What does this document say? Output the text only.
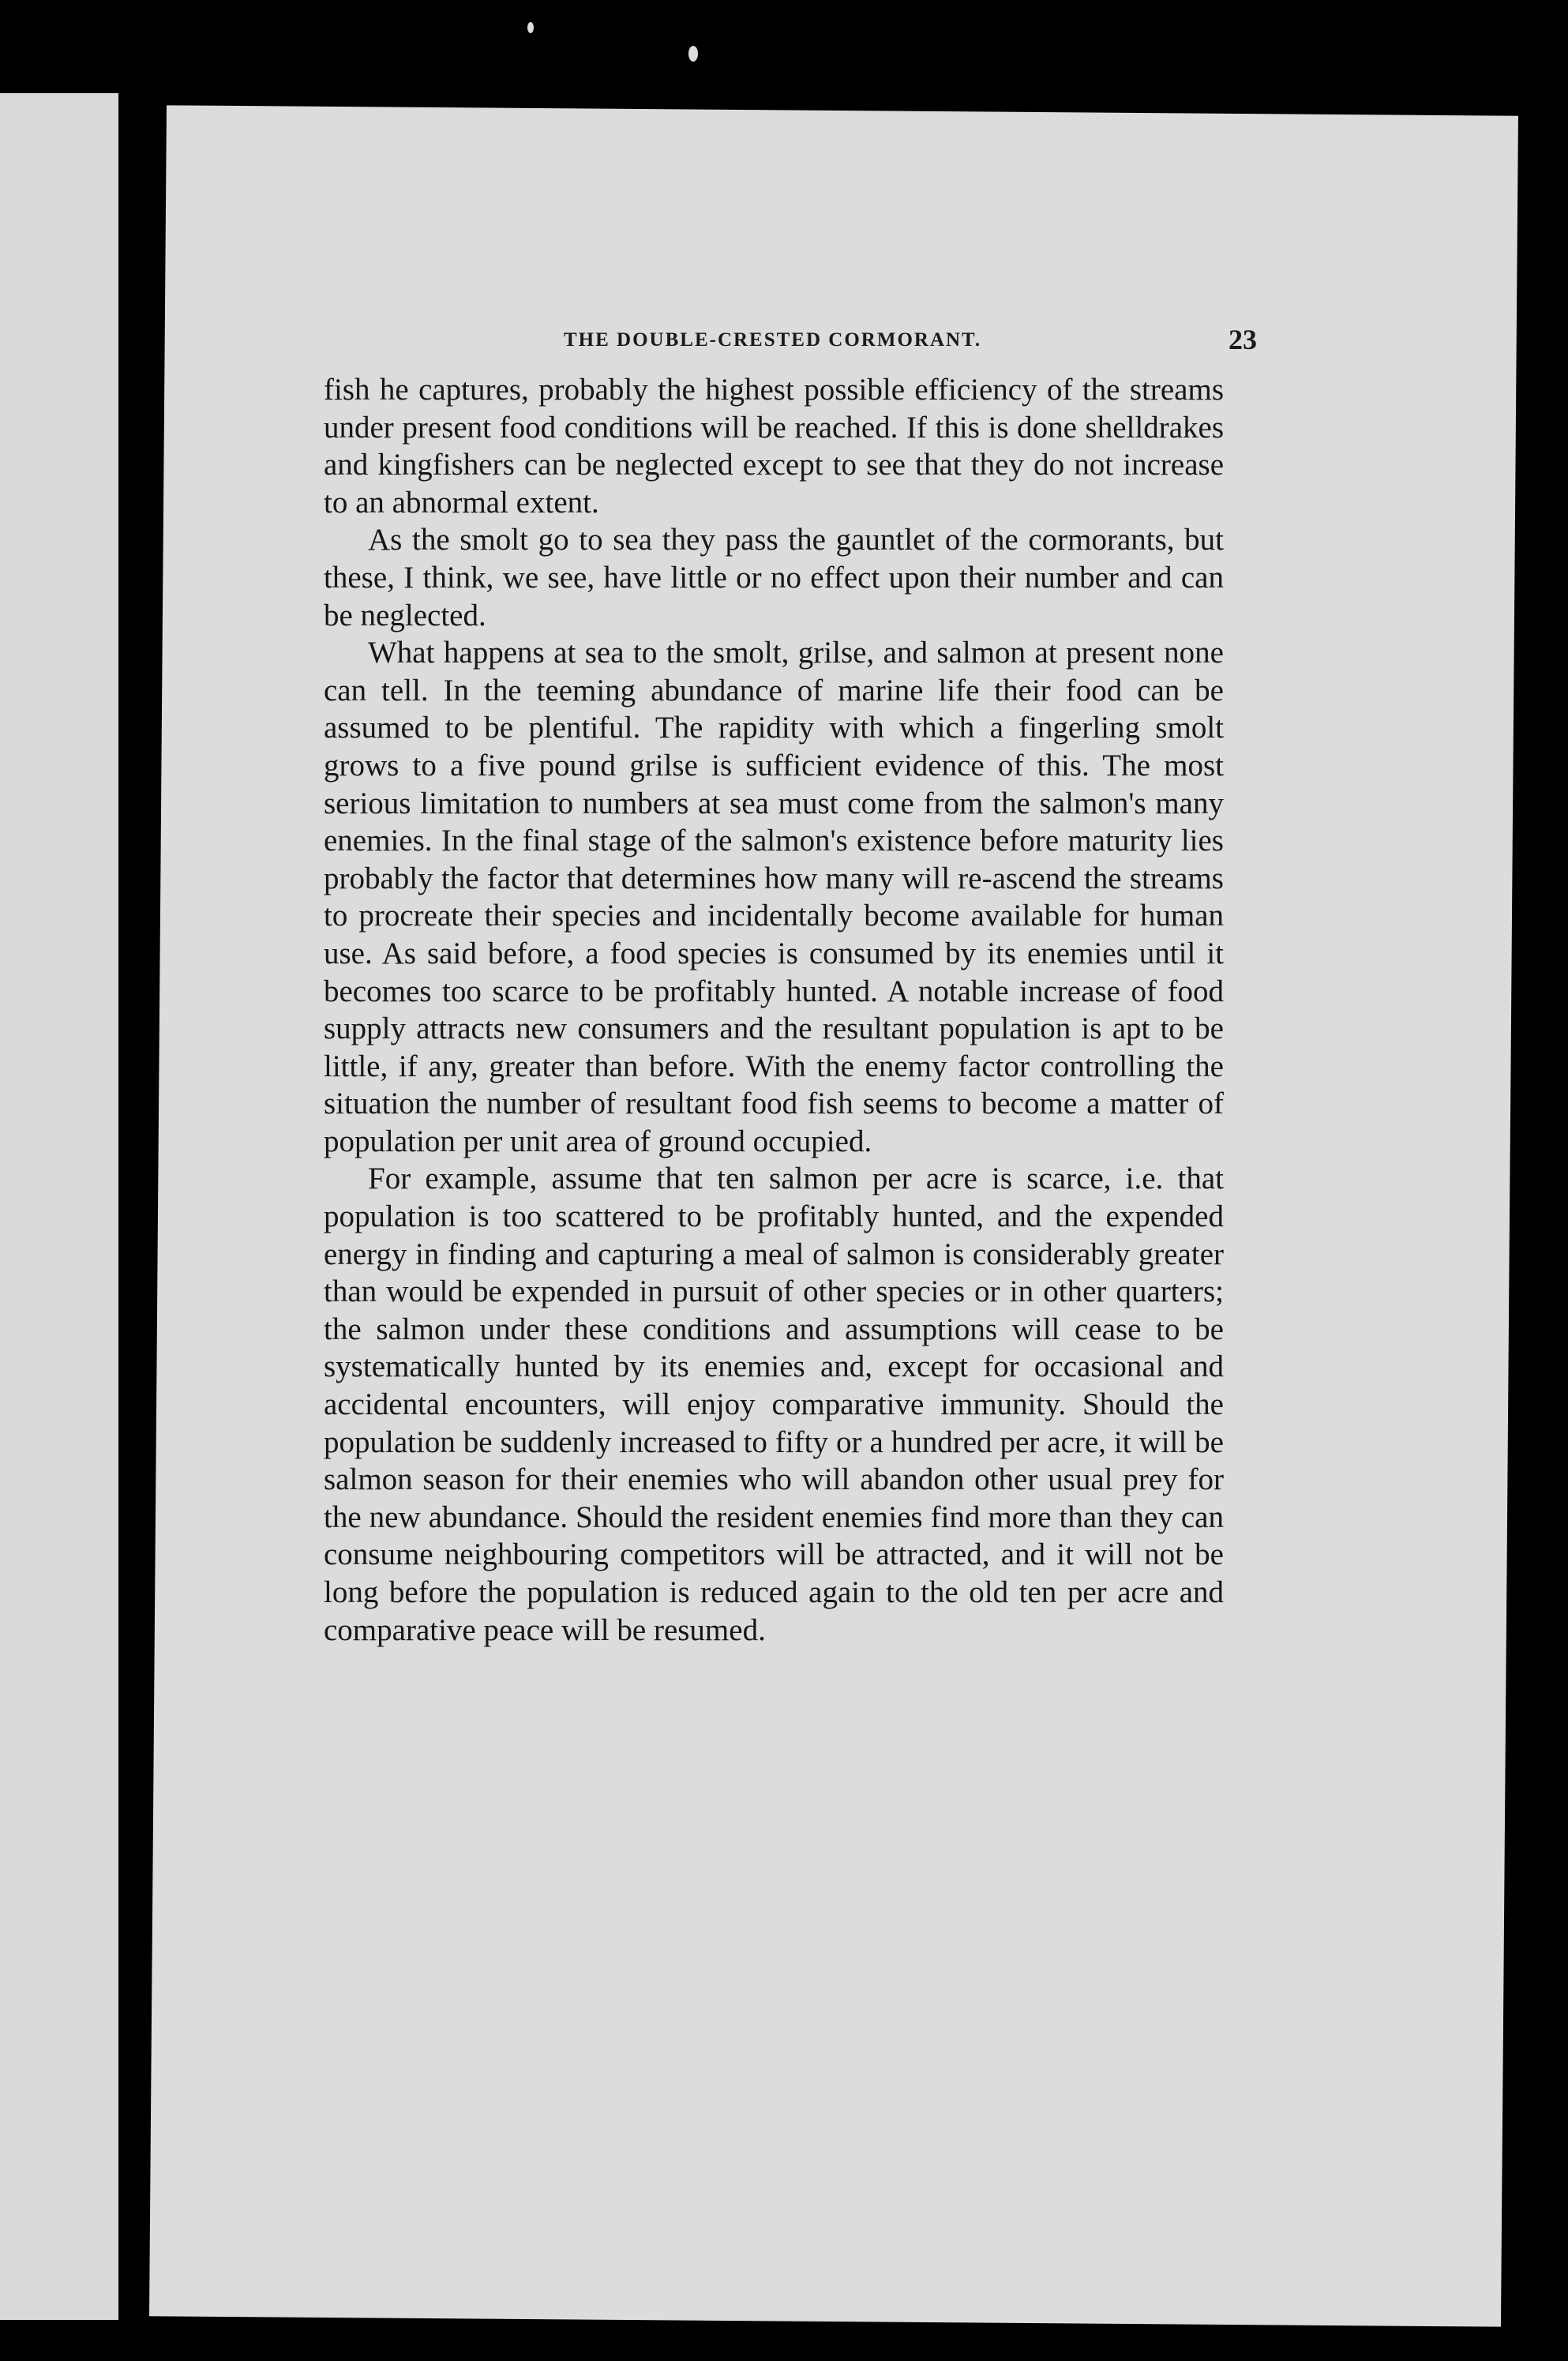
THE DOUBLE-CRESTED CORMORANT.	23

fish he captures, probably the highest possible efficiency of the streams under present food conditions will be reached. If this is done shelldrakes and kingfishers can be neglected except to see that they do not increase to an abnormal extent.

As the smolt go to sea they pass the gauntlet of the cormorants, but these, I think, we see, have little or no effect upon their number and can be neglected.

What happens at sea to the smolt, grilse, and salmon at present none can tell. In the teeming abundance of marine life their food can be assumed to be plentiful. The rapidity with which a fingerling smolt grows to a five pound grilse is sufficient evidence of this. The most serious limitation to numbers at sea must come from the salmon's many enemies. In the final stage of the salmon's existence before maturity lies probably the factor that determines how many will re-ascend the streams to procreate their species and incidentally become available for human use. As said before, a food species is consumed by its enemies until it becomes too scarce to be profitably hunted. A notable increase of food supply attracts new consumers and the resultant population is apt to be little, if any, greater than before. With the enemy factor controlling the situation the number of resultant food fish seems to become a matter of population per unit area of ground occupied.

For example, assume that ten salmon per acre is scarce, i.e. that population is too scattered to be profitably hunted, and the expended energy in finding and capturing a meal of salmon is considerably greater than would be expended in pursuit of other species or in other quarters; the salmon under these conditions and assumptions will cease to be systematically hunted by its enemies and, except for occasional and accidental encounters, will enjoy comparative immunity. Should the population be suddenly increased to fifty or a hundred per acre, it will be salmon season for their enemies who will abandon other usual prey for the new abundance. Should the resident enemies find more than they can consume neighbouring competitors will be attracted, and it will not be long before the population is reduced again to the old ten per acre and comparative peace will be resumed.
